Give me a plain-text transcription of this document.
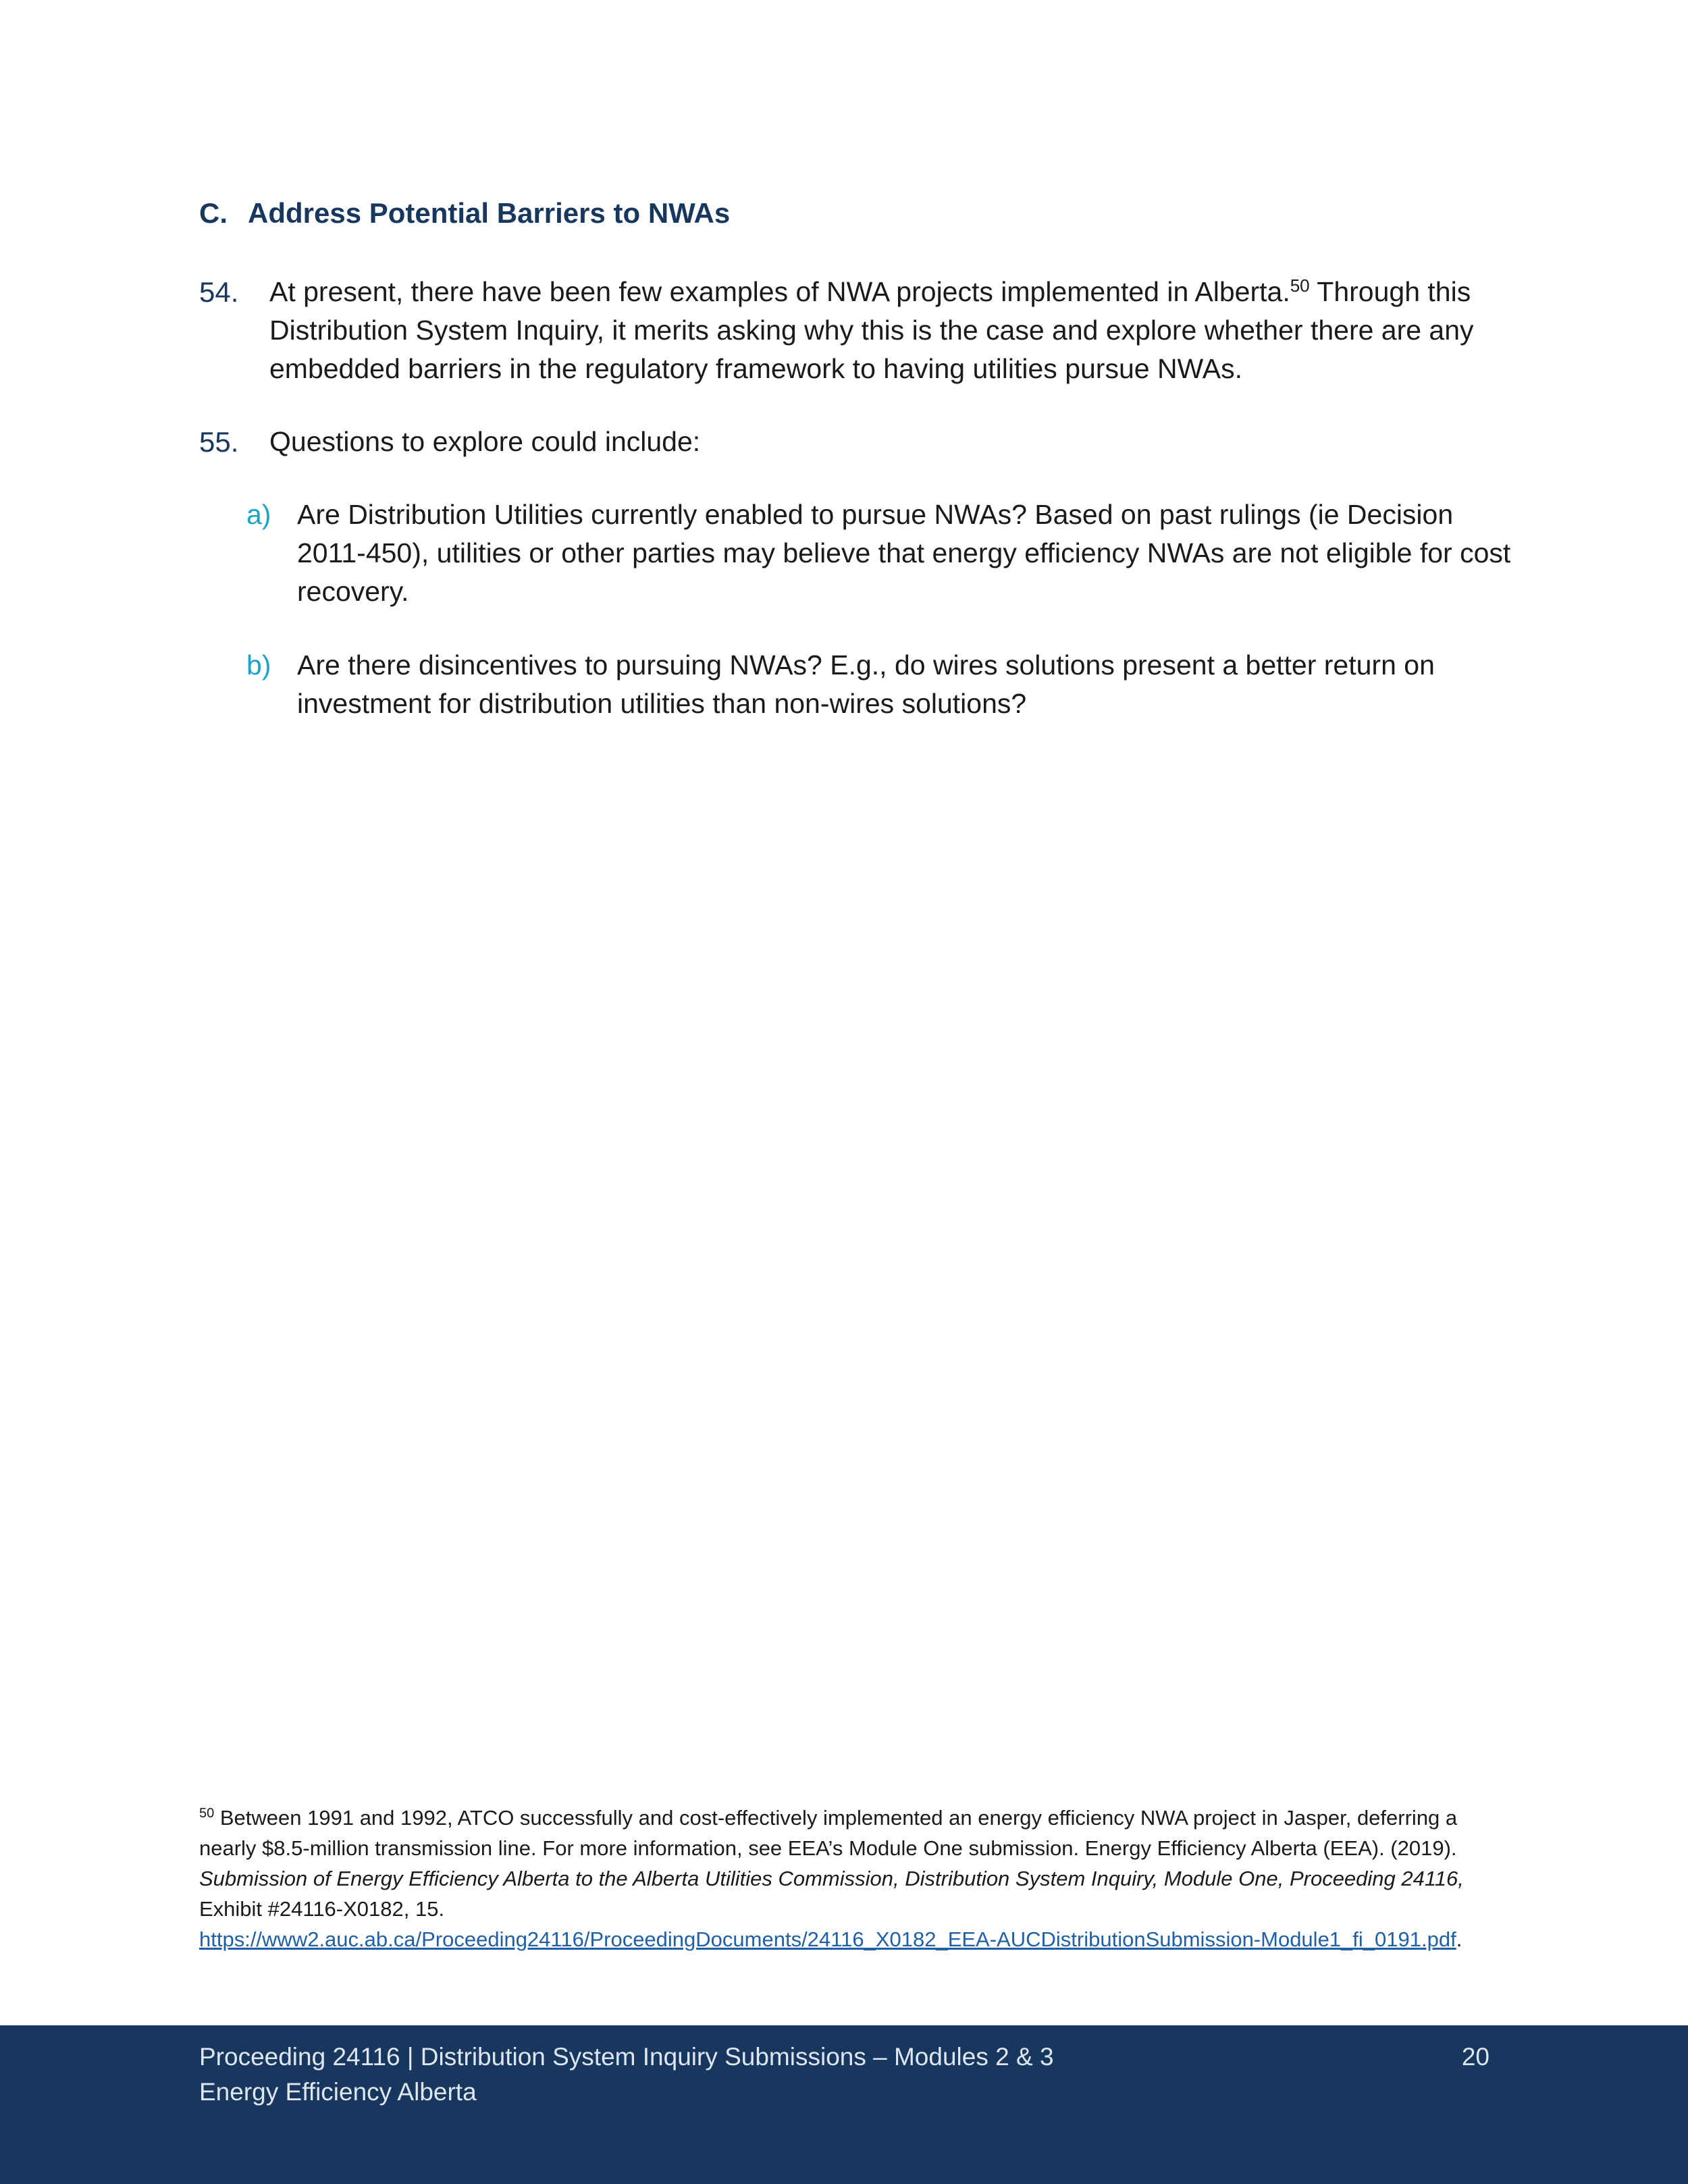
C. Address Potential Barriers to NWAs
54. At present, there have been few examples of NWA projects implemented in Alberta.$^{50}$ Through this Distribution System Inquiry, it merits asking why this is the case and explore whether there are any embedded barriers in the regulatory framework to having utilities pursue NWAs.
55. Questions to explore could include:
a) Are Distribution Utilities currently enabled to pursue NWAs? Based on past rulings (ie Decision 2011-450), utilities or other parties may believe that energy efficiency NWAs are not eligible for cost recovery.
b) Are there disincentives to pursuing NWAs? E.g., do wires solutions present a better return on investment for distribution utilities than non-wires solutions?
$^{50}$ Between 1991 and 1992, ATCO successfully and cost-effectively implemented an energy efficiency NWA project in Jasper, deferring a nearly $8.5-million transmission line. For more information, see EEA’s Module One submission. Energy Efficiency Alberta (EEA). (2019). Submission of Energy Efficiency Alberta to the Alberta Utilities Commission, Distribution System Inquiry, Module One, Proceeding 24116, Exhibit #24116-X0182, 15.
https://www2.auc.ab.ca/Proceeding24116/ProceedingDocuments/24116_X0182_EEA-AUCDistributionSubmission-Module1_fi_0191.pdf.
Proceeding 24116 | Distribution System Inquiry Submissions – Modules 2 & 3
Energy Efficiency Alberta
20
